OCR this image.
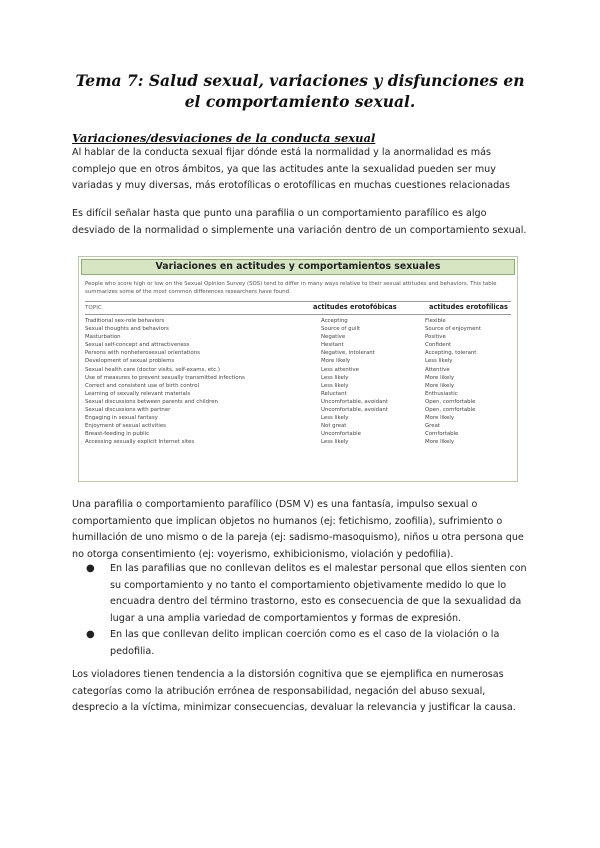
Tema 7: Salud sexual, variaciones y disfunciones en el comportamiento sexual.
Variaciones/desviaciones de la conducta sexual
Al hablar de la conducta sexual fijar dónde está la normalidad y la anormalidad es más complejo que en otros ámbitos, ya que las actitudes ante la sexualidad pueden ser muy variadas y muy diversas, más erotofílicas o erotofílicas en muchas cuestiones relacionadas
Es difícil señalar hasta que punto una parafilia o un comportamiento parafílico es algo desviado de la normalidad o simplemente una variación dentro de un comportamiento sexual.
Variaciones en actitudes y comportamientos sexuales
People who score high or low on the Sexual Opinion Survey (SOS) tend to differ in many ways relative to their sexual attitudes and behaviors. This table summarizes some of the most common differences researchers have found.
TOPIC	actitudes erotofóbicas	actitudes erotofílicas
Traditional sex-role behaviors	Accepting	Flexible
Sexual thoughts and behaviors	Source of guilt	Source of enjoyment
Masturbation	Negative	Positive
Sexual self-concept and attractiveness	Hesitant	Confident
Persons with nonheterosexual orientations	Negative, intolerant	Accepting, tolerant
Development of sexual problems	More likely	Less likely
Sexual health care (doctor visits, self-exams, etc.)	Less attentive	Attentive
Use of measures to prevent sexually transmitted infections	Less likely	More likely
Correct and consistent use of birth control	Less likely	More likely
Learning of sexually relevant materials	Reluctant	Enthusiastic
Sexual discussions between parents and children	Uncomfortable, avoidant	Open, comfortable
Sexual discussions with partner	Uncomfortable, avoidant	Open, comfortable
Engaging in sexual fantasy	Less likely	More likely
Enjoyment of sexual activities	Not great	Great
Breast-feeding in public	Uncomfortable	Comfortable
Accessing sexually explicit Internet sites	Less likely	More likely
Una parafilia o comportamiento parafílico (DSM V) es una fantasía, impulso sexual o comportamiento que implican objetos no humanos (ej: fetichismo, zoofilia), sufrimiento o humillación de uno mismo o de la pareja (ej: sadismo-masoquismo), niños u otra persona que no otorga consentimiento (ej: voyerismo, exhibicionismo, violación y pedofilia).
● En las parafilias que no conllevan delitos es el malestar personal que ellos sienten con su comportamiento y no tanto el comportamiento objetivamente medido lo que lo encuadra dentro del término trastorno, esto es consecuencia de que la sexualidad da lugar a una amplia variedad de comportamientos y formas de expresión.
● En las que conllevan delito implican coerción como es el caso de la violación o la pedofilia.
Los violadores tienen tendencia a la distorsión cognitiva que se ejemplifica en numerosas categorías como la atribución errónea de responsabilidad, negación del abuso sexual, desprecio a la víctima, minimizar consecuencias, devaluar la relevancia y justificar la causa.
